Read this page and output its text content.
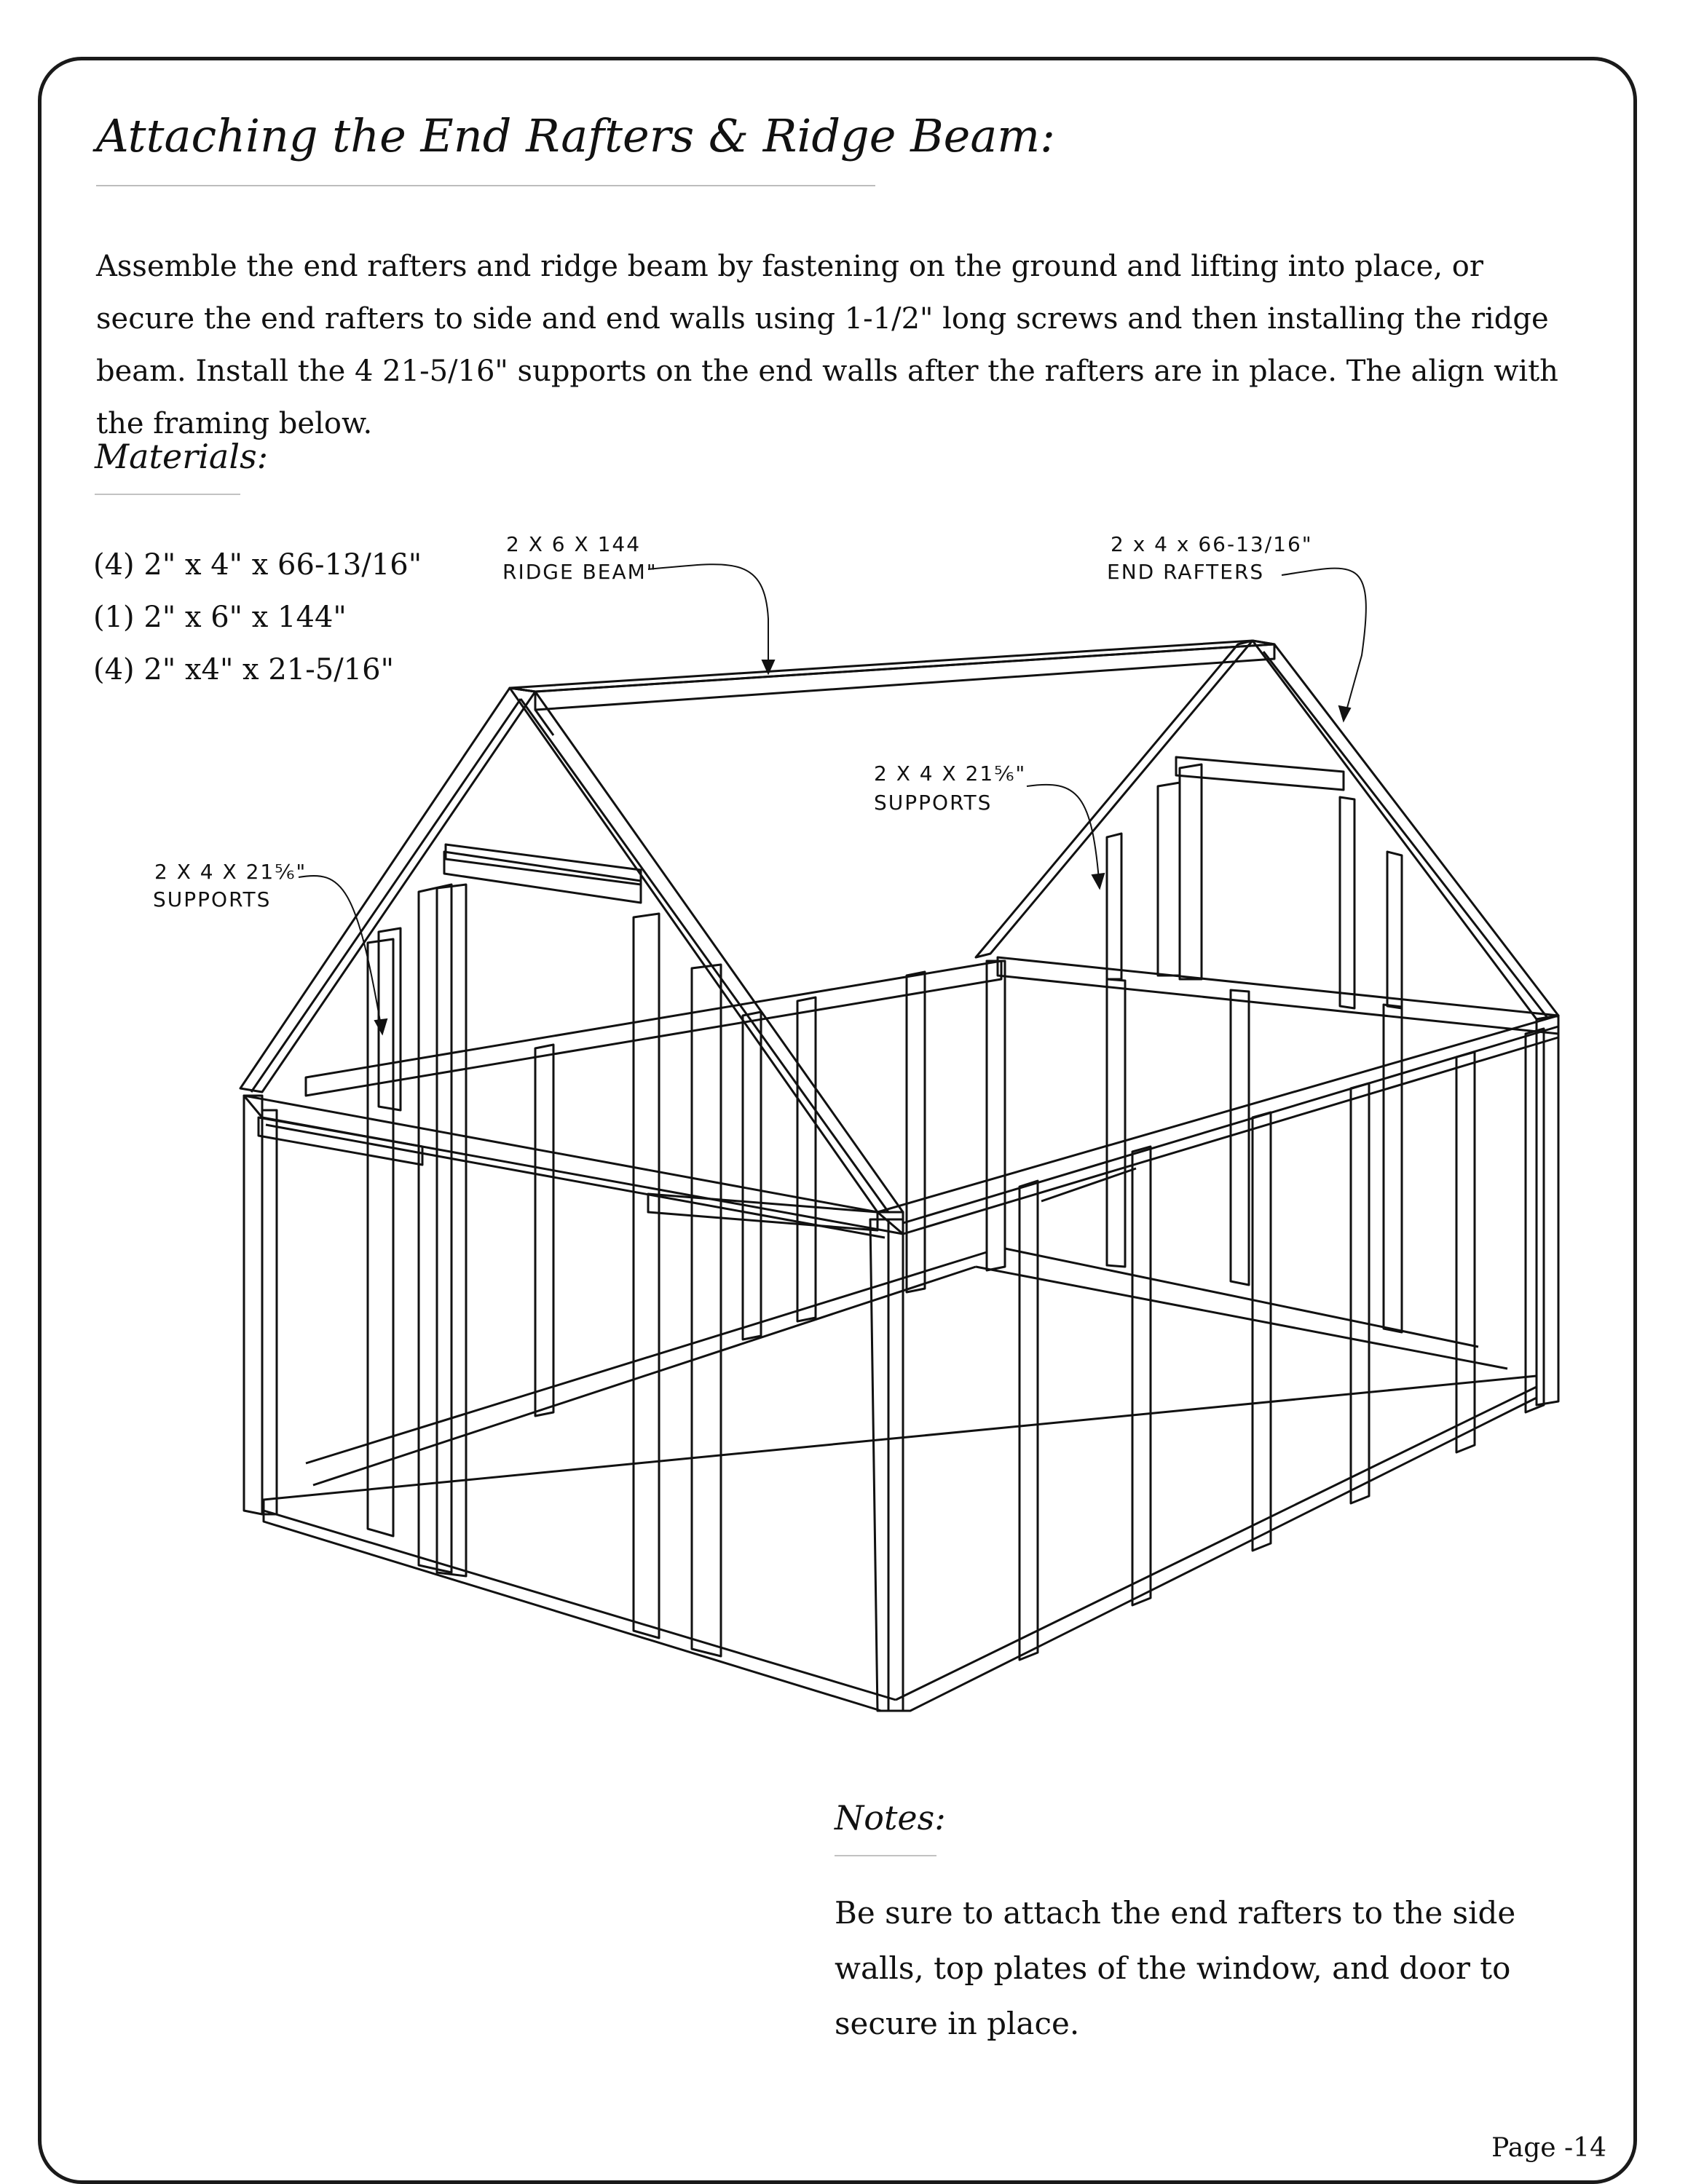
Attaching the End Rafters & Ridge Beam:

Assemble the end rafters and ridge beam by fastening on the ground and lifting into place, or secure the end rafters to side and end walls using 1-1/2" long screws and then installing the ridge beam. Install the 4 21-5/16" supports on the end walls after the rafters are in place. The align with the framing below.

Materials:
(4) 2" x 4" x 66-13/16"
(1) 2" x 6" x 144"
(4) 2" x4" x 21-5/16"
2 X 6 X 144
RIDGE BEAM"
2 x 4 x 66-13/16"
END RAFTERS
2 X 4 X 21⅚"
SUPPORTS
2 X 4 X 21⅚"
SUPPORTS
Notes:

Be sure to attach the end rafters to the side walls, top plates of the window, and door to secure in place.

Page -14
